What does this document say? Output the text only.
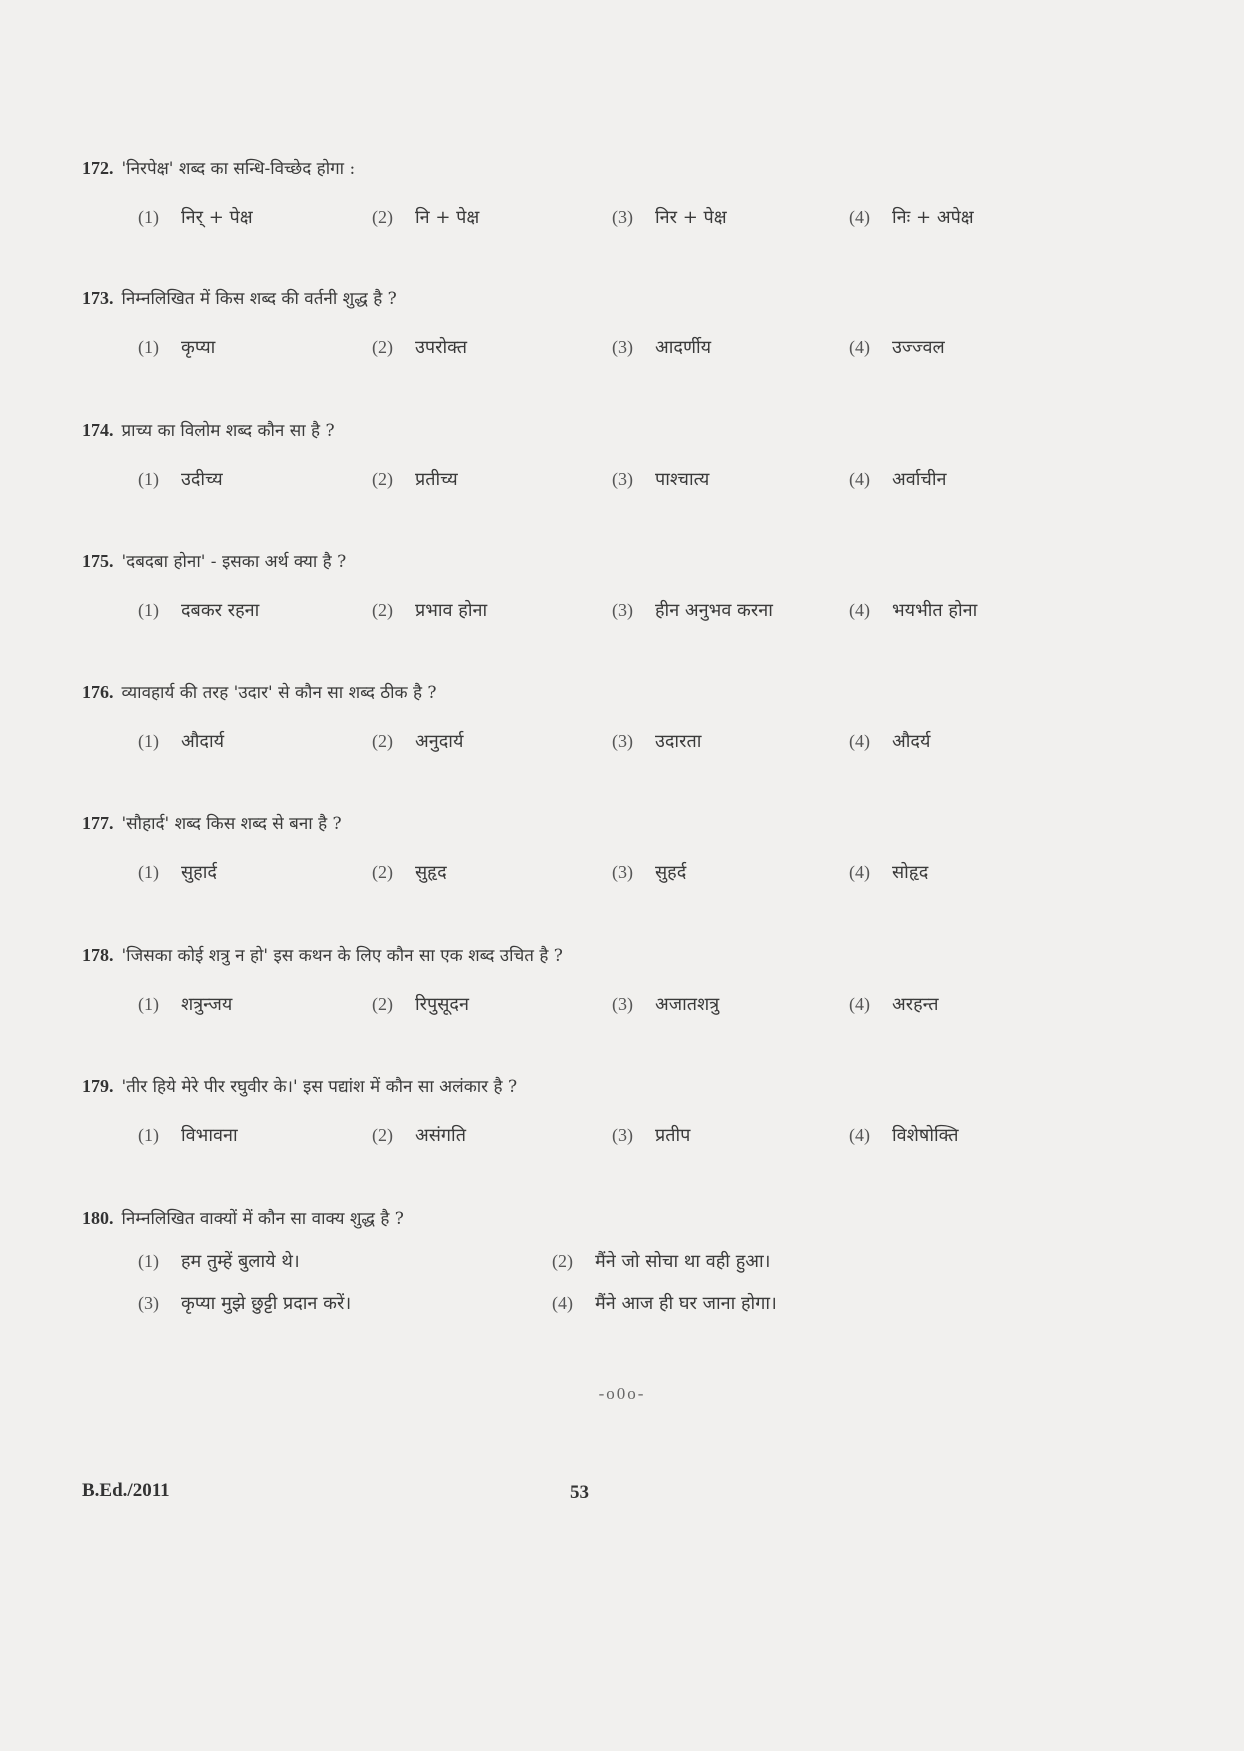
172. 'निरपेक्ष' शब्द का सन्धि-विच्छेद होगा :
(1) निर् + पेक्ष	(2) नि + पेक्ष	(3) निर + पेक्ष	(4) निः + अपेक्ष
173. निम्नलिखित में किस शब्द की वर्तनी शुद्ध है ?
(1) कृप्या	(2) उपरोक्त	(3) आदर्णीय	(4) उज्ज्वल
174. प्राच्य का विलोम शब्द कौन सा है ?
(1) उदीच्य	(2) प्रतीच्य	(3) पाश्चात्य	(4) अर्वाचीन
175. 'दबदबा होना' - इसका अर्थ क्या है ?
(1) दबकर रहना	(2) प्रभाव होना	(3) हीन अनुभव करना	(4) भयभीत होना
176. व्यावहार्य की तरह 'उदार' से कौन सा शब्द ठीक है ?
(1) औदार्य	(2) अनुदार्य	(3) उदारता	(4) औदर्य
177. 'सौहार्द' शब्द किस शब्द से बना है ?
(1) सुहार्द	(2) सुहृद	(3) सुहर्द	(4) सोहृद
178. 'जिसका कोई शत्रु न हो' इस कथन के लिए कौन सा एक शब्द उचित है ?
(1) शत्रुन्जय	(2) रिपुसूदन	(3) अजातशत्रु	(4) अरहन्त
179. 'तीर हिये मेरे पीर रघुवीर के।' इस पद्यांश में कौन सा अलंकार है ?
(1) विभावना	(2) असंगति	(3) प्रतीप	(4) विशेषोक्ति
180. निम्नलिखित वाक्यों में कौन सा वाक्य शुद्ध है ?
(1) हम तुम्हें बुलाये थे।	(2) मैंने जो सोचा था वही हुआ।
(3) कृप्या मुझे छुट्टी प्रदान करें।	(4) मैंने आज ही घर जाना होगा।
-o0o-
B.Ed./2011	53
